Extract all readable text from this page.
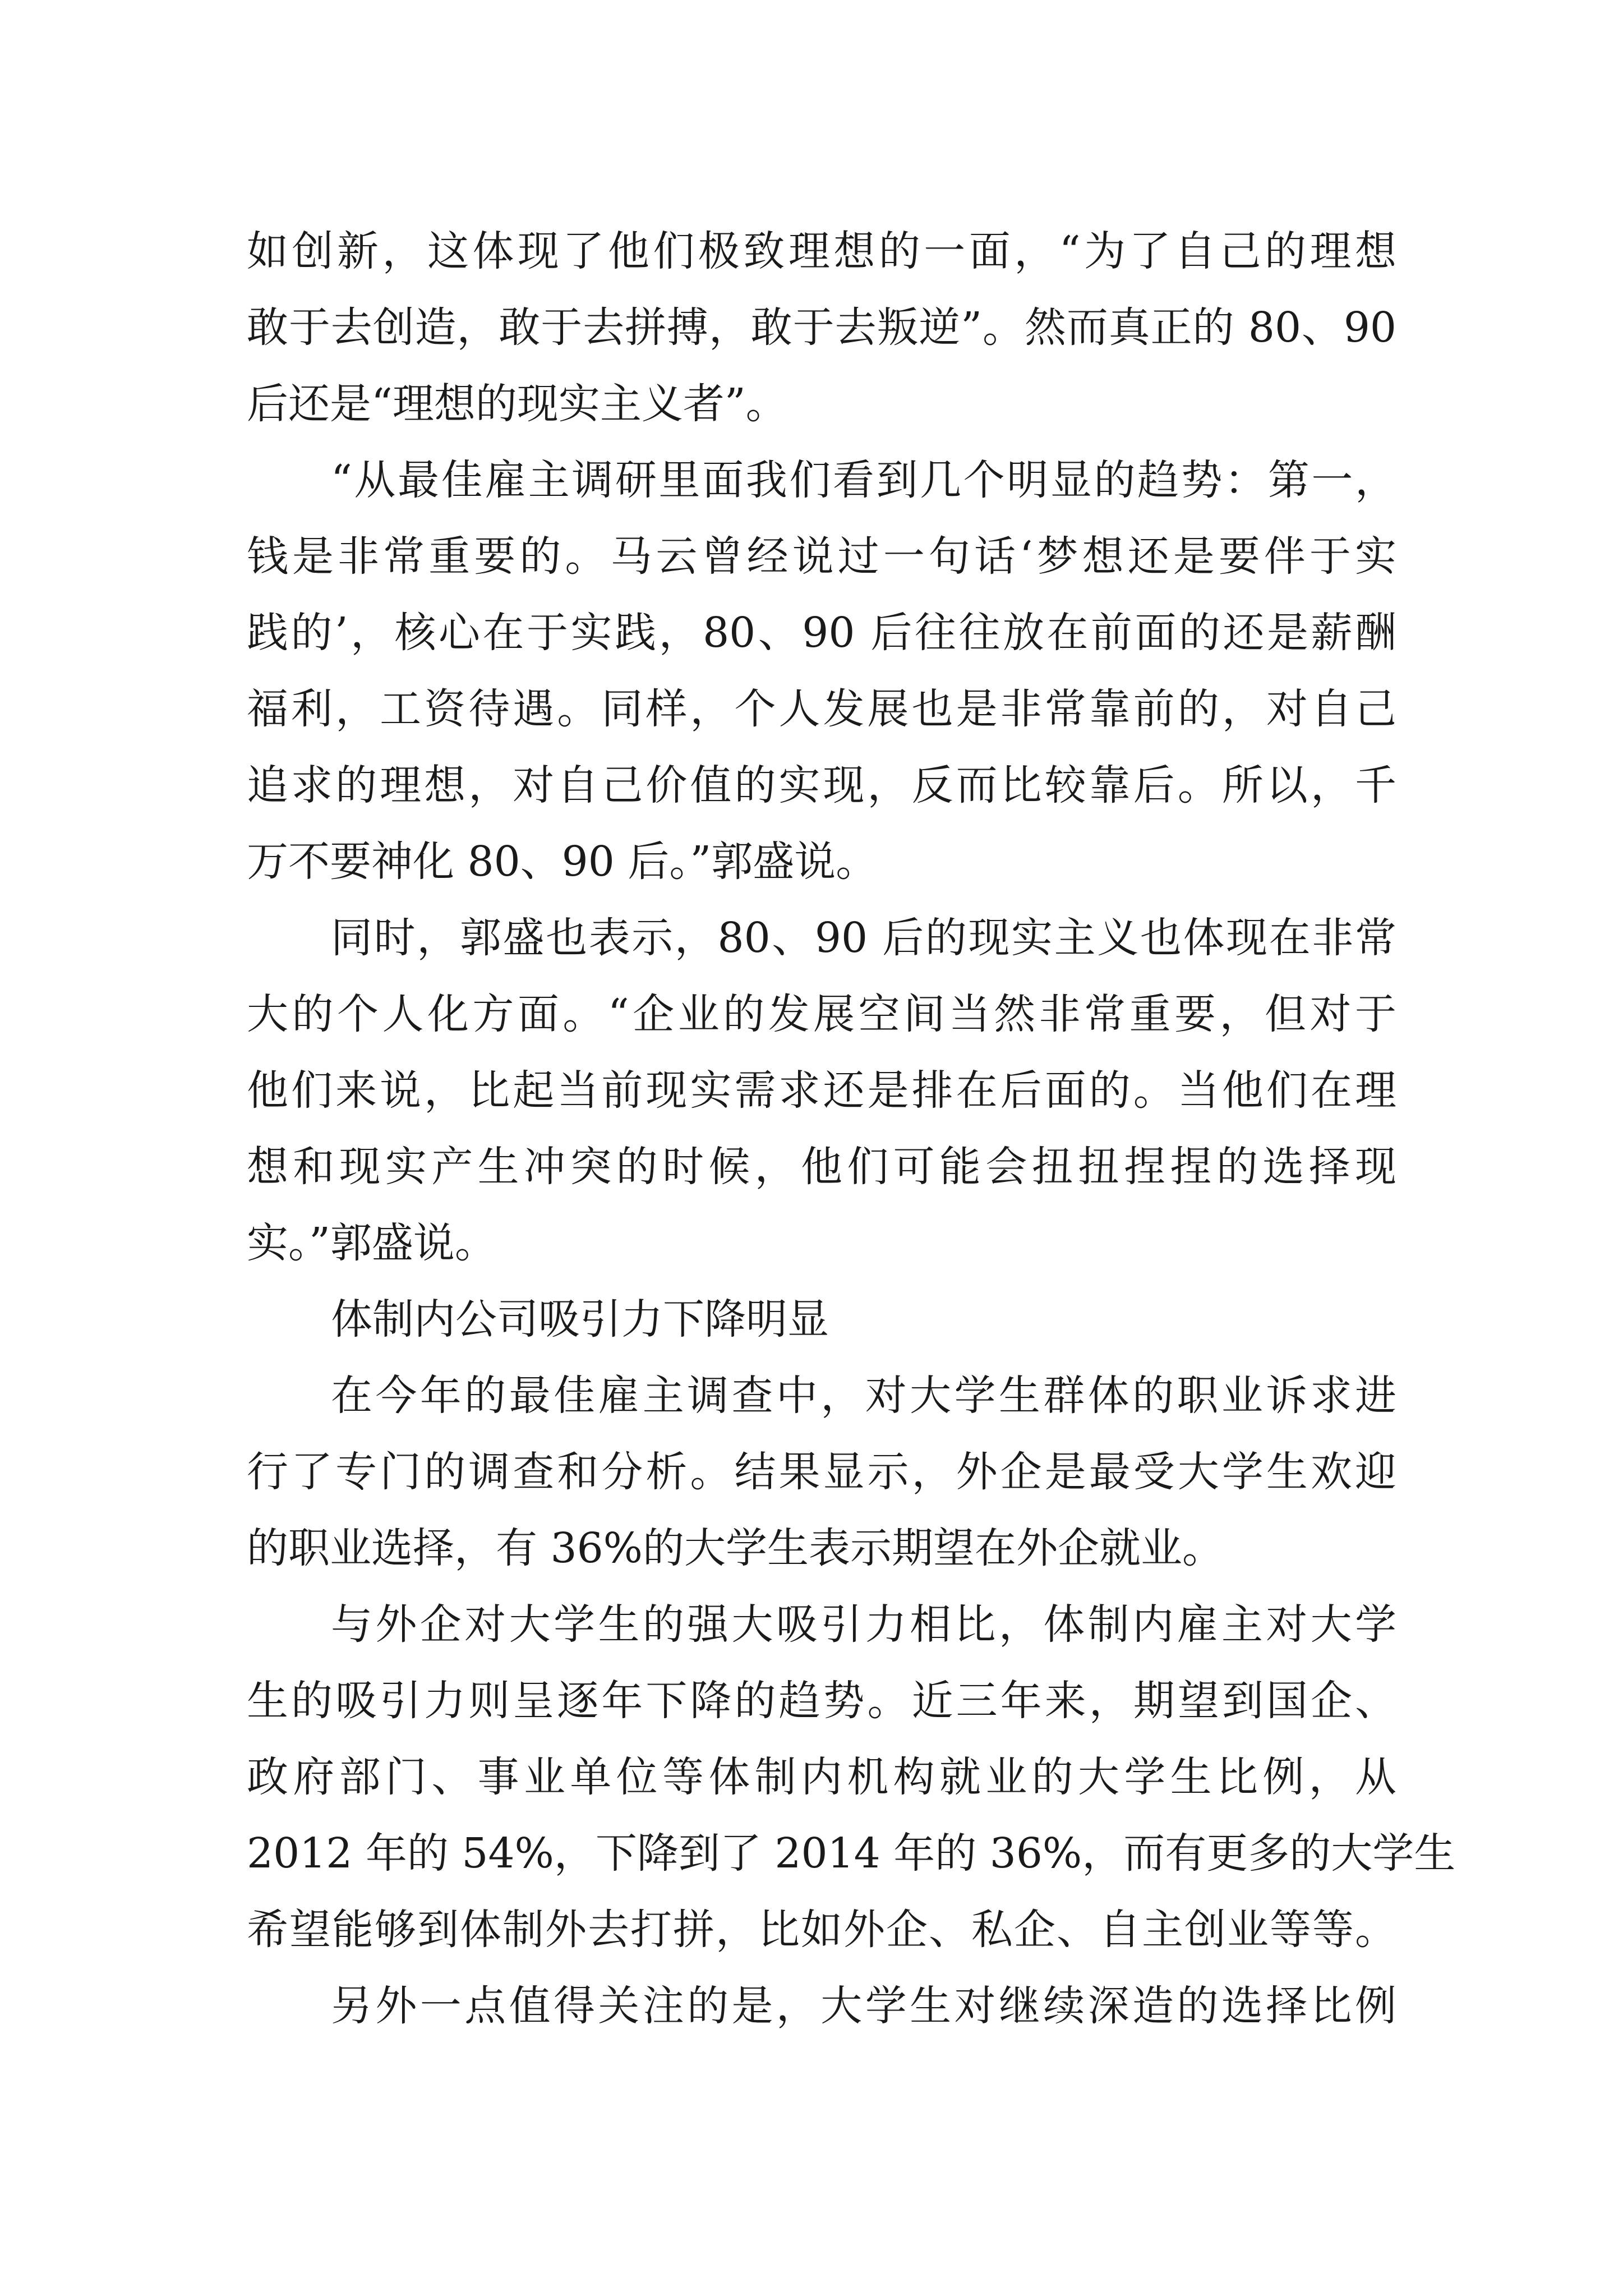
如创新，这体现了他们极致理想的一面，“为了自己的理想
敢于去创造，敢于去拼搏，敢于去叛逆”。然而真正的 80、90
后还是“理想的现实主义者”。
“从最佳雇主调研里面我们看到几个明显的趋势：第一，
钱是非常重要的。马云曾经说过一句话‘梦想还是要伴于实
践的’，核心在于实践，80、90 后往往放在前面的还是薪酬
福利，工资待遇。同样，个人发展也是非常靠前的，对自己
追求的理想，对自己价值的实现，反而比较靠后。所以，千
万不要神化 80、90 后。”郭盛说。
同时，郭盛也表示，80、90 后的现实主义也体现在非常
大的个人化方面。“企业的发展空间当然非常重要，但对于
他们来说，比起当前现实需求还是排在后面的。当他们在理
想和现实产生冲突的时候，他们可能会扭扭捏捏的选择现
实。”郭盛说。
体制内公司吸引力下降明显
在今年的最佳雇主调查中，对大学生群体的职业诉求进
行了专门的调查和分析。结果显示，外企是最受大学生欢迎
的职业选择，有 36%的大学生表示期望在外企就业。
与外企对大学生的强大吸引力相比，体制内雇主对大学
生的吸引力则呈逐年下降的趋势。近三年来，期望到国企、
政府部门、事业单位等体制内机构就业的大学生比例，从
2012 年的 54%，下降到了 2014 年的 36%，而有更多的大学生
希望能够到体制外去打拼，比如外企、私企、自主创业等等。
另外一点值得关注的是，大学生对继续深造的选择比例
